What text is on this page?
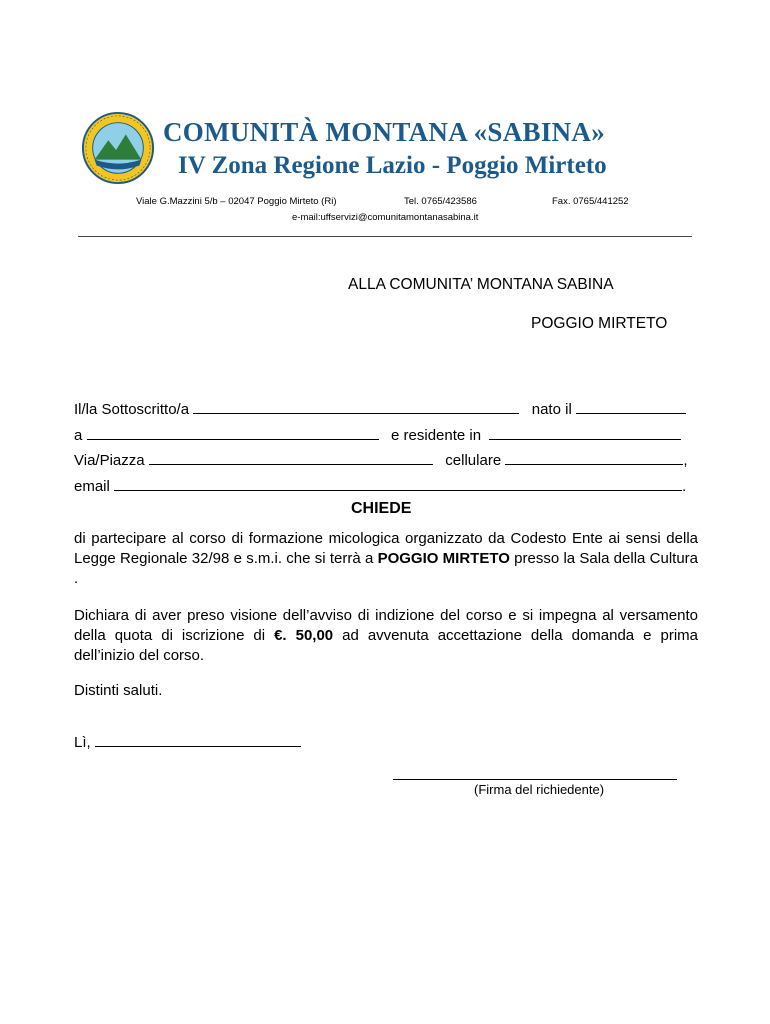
COMUNITÀ MONTANA «SABINA»
IV Zona Regione Lazio - Poggio Mirteto
Viale G.Mazzini 5/b – 02047 Poggio Mirteto (Ri)	Tel. 0765/423586	Fax. 0765/441252
e-mail:uffservizi@comunitamontanasabina.it
ALLA COMUNITA’ MONTANA SABINA
POGGIO MIRTETO
Il/la Sottoscritto/a	nato il
a	e residente in
Via/Piazza	cellulare	,
email	.
CHIEDE
di partecipare al corso di formazione micologica organizzato da Codesto Ente ai sensi della Legge Regionale 32/98 e s.m.i. che si terrà a POGGIO MIRTETO presso la Sala della Cultura .
Dichiara di aver preso visione dell’avviso di indizione del corso e si impegna al versamento della quota di iscrizione di €. 50,00 ad avvenuta accettazione della domanda e prima dell’inizio del corso.
Distinti saluti.
Lì,
(Firma del richiedente)
